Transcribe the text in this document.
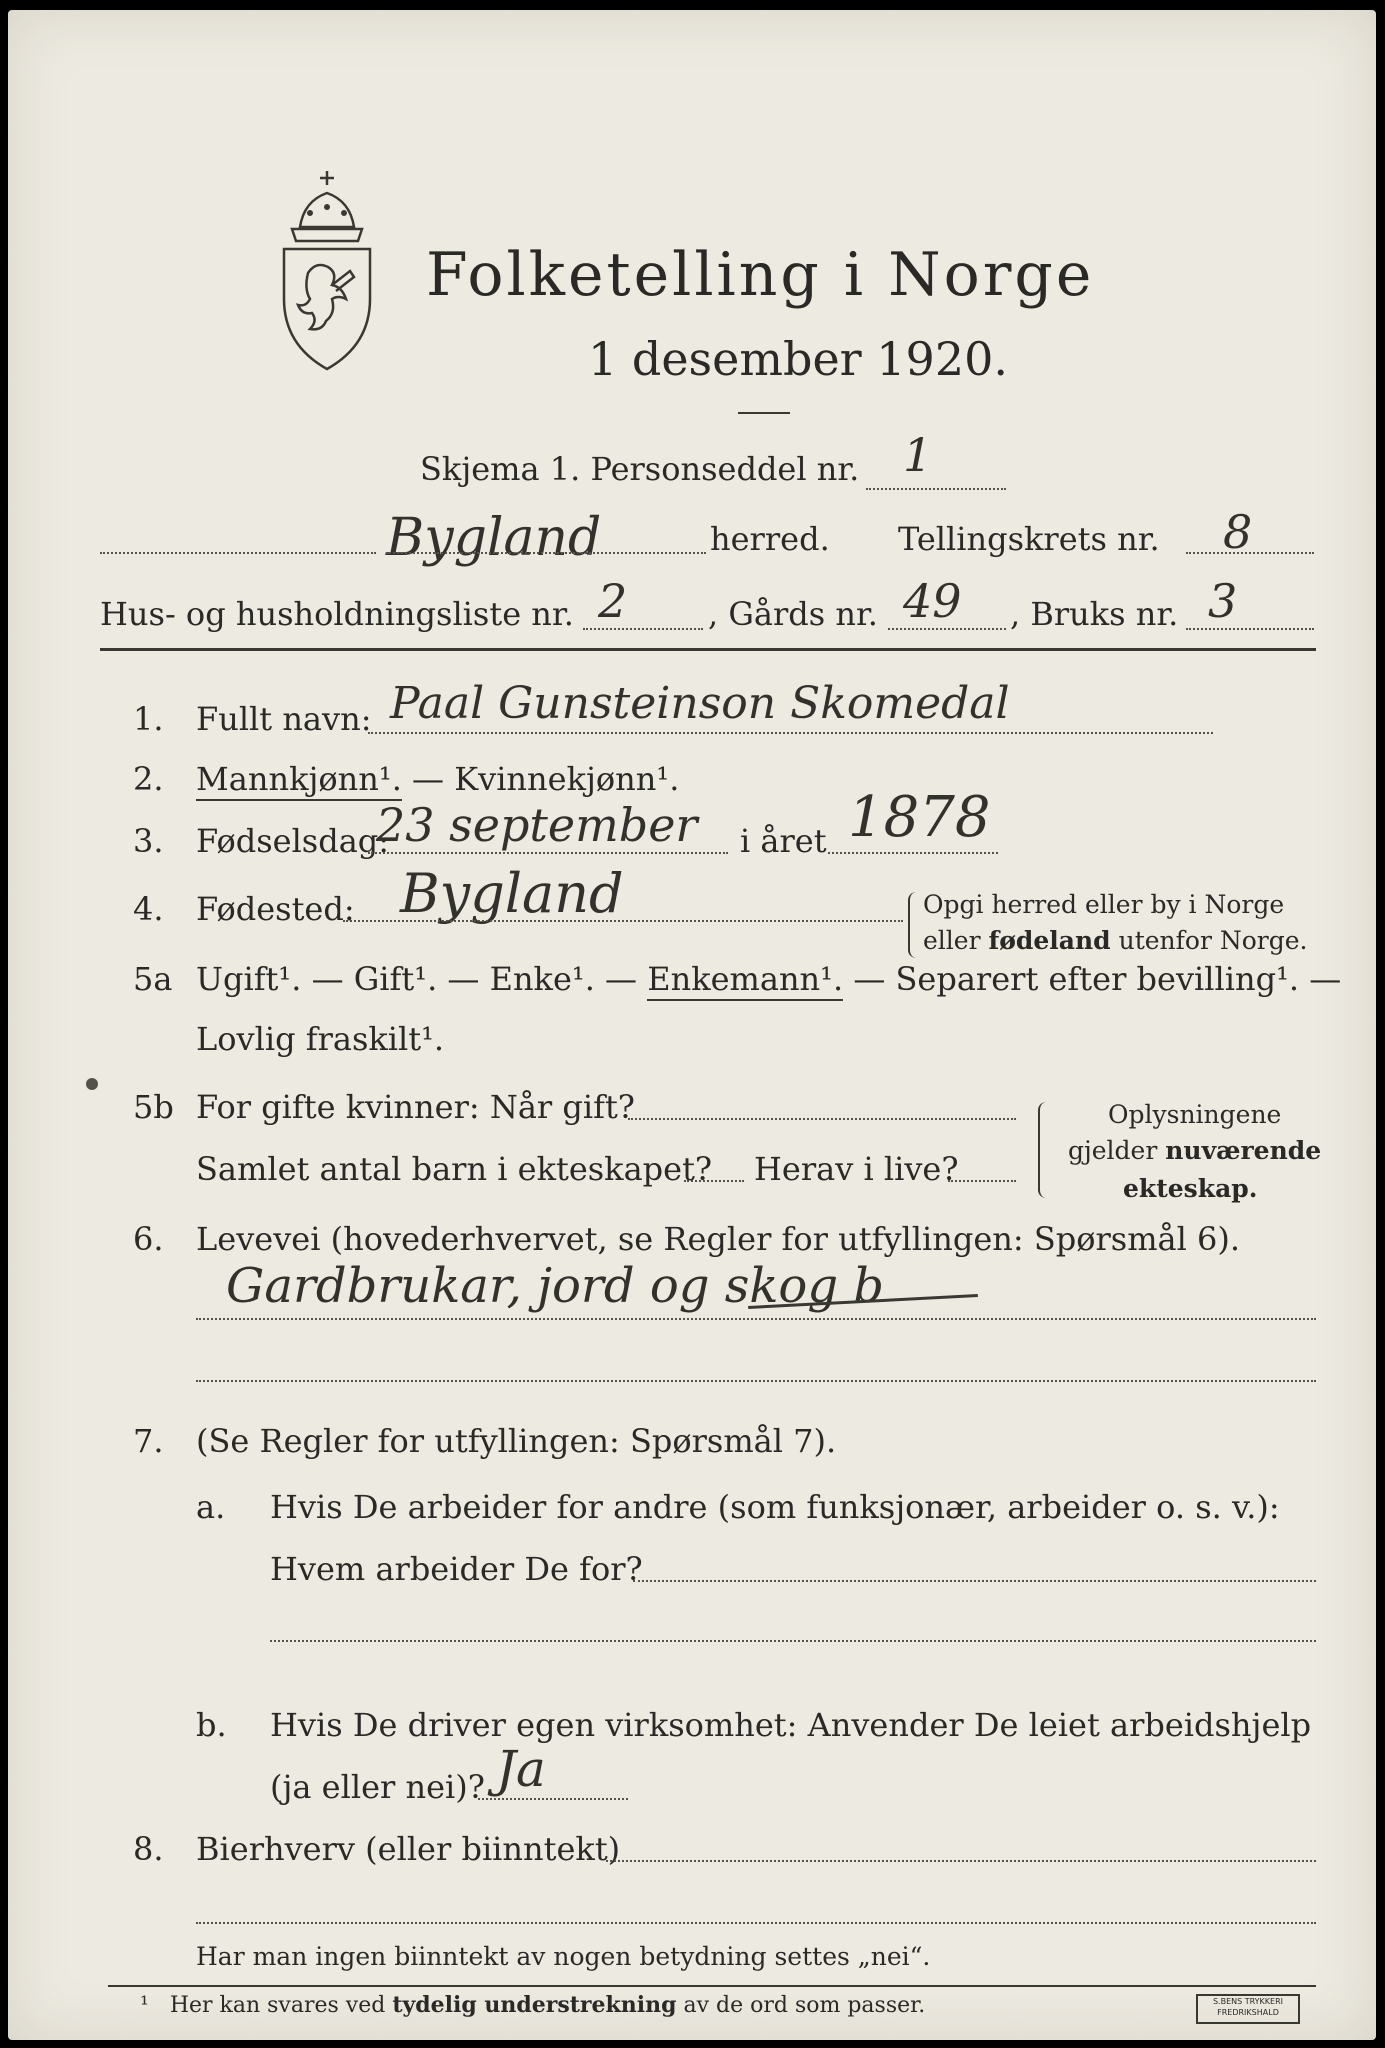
Folketelling i Norge
1 desember 1920.
Skjema 1. Personseddel nr. 1
Bygland	herred. Tellingskrets nr. 8
Hus- og husholdningsliste nr. 2	, Gårds nr. 49 , Bruks nr. 3
1. Fullt navn: Paal Gunsteinson Skomedal
2. Mannkjønn¹. — Kvinnekjønn¹.
3. Fødselsdag:
23 september i året 1878
4. Fødested: Bygland	Opgi herred eller by i Norge
eller fødeland utenfor Norge.
5a Ugift¹. — Gift¹. — Enke¹. — Enkemann¹. — Separert efter bevilling¹. —
Lovlig fraskilt¹.
5b For gifte kvinner: Når gift?
Samlet antal barn i ekteskapet? Herav i live?
Oplysningene
gjelder nuværende
ekteskap.
6. Levevei (hovederhvervet, se Regler for utfyllingen: Spørsmål 6).
Gardbrukar, jord og skog b
7. (Se Regler for utfyllingen: Spørsmål 7).
a. Hvis De arbeider for andre (som funksjonær, arbeider o. s. v.):
Hvem arbeider De for?
b. Hvis De driver egen virksomhet: Anvender De leiet arbeidshjelp
(ja eller nei)? Ja
8. Bierhverv (eller biinntekt)
Har man ingen biinntekt av nogen betydning settes „nei“.
¹ Her kan svares ved tydelig understrekning av de ord som passer.	S.BENS TRYKKERI
FREDRIKSHALD
